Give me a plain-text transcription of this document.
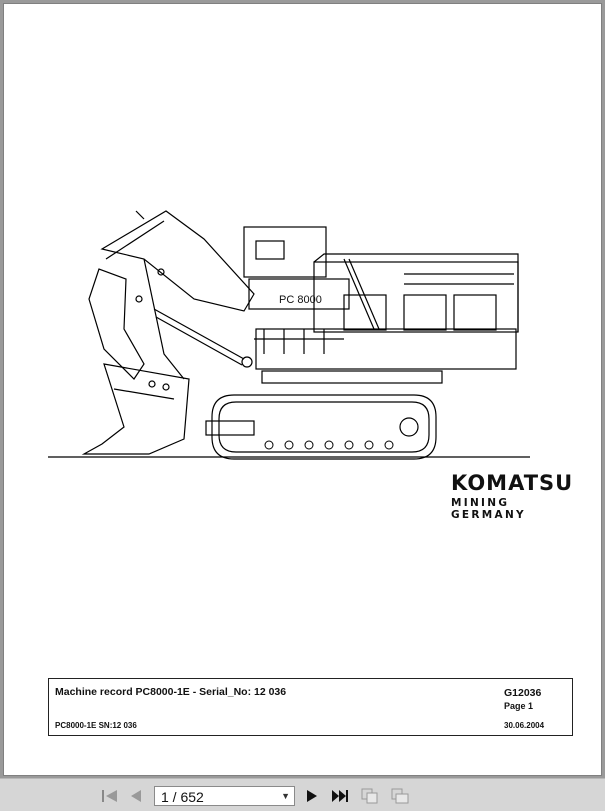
PC 8000
KOMATSU
MINING GERMANY
Machine record PC8000-1E - Serial_No: 12 036
PC8000-1E SN:12 036
G12036
Page 1
30.06.2004
1 / 652	▼
